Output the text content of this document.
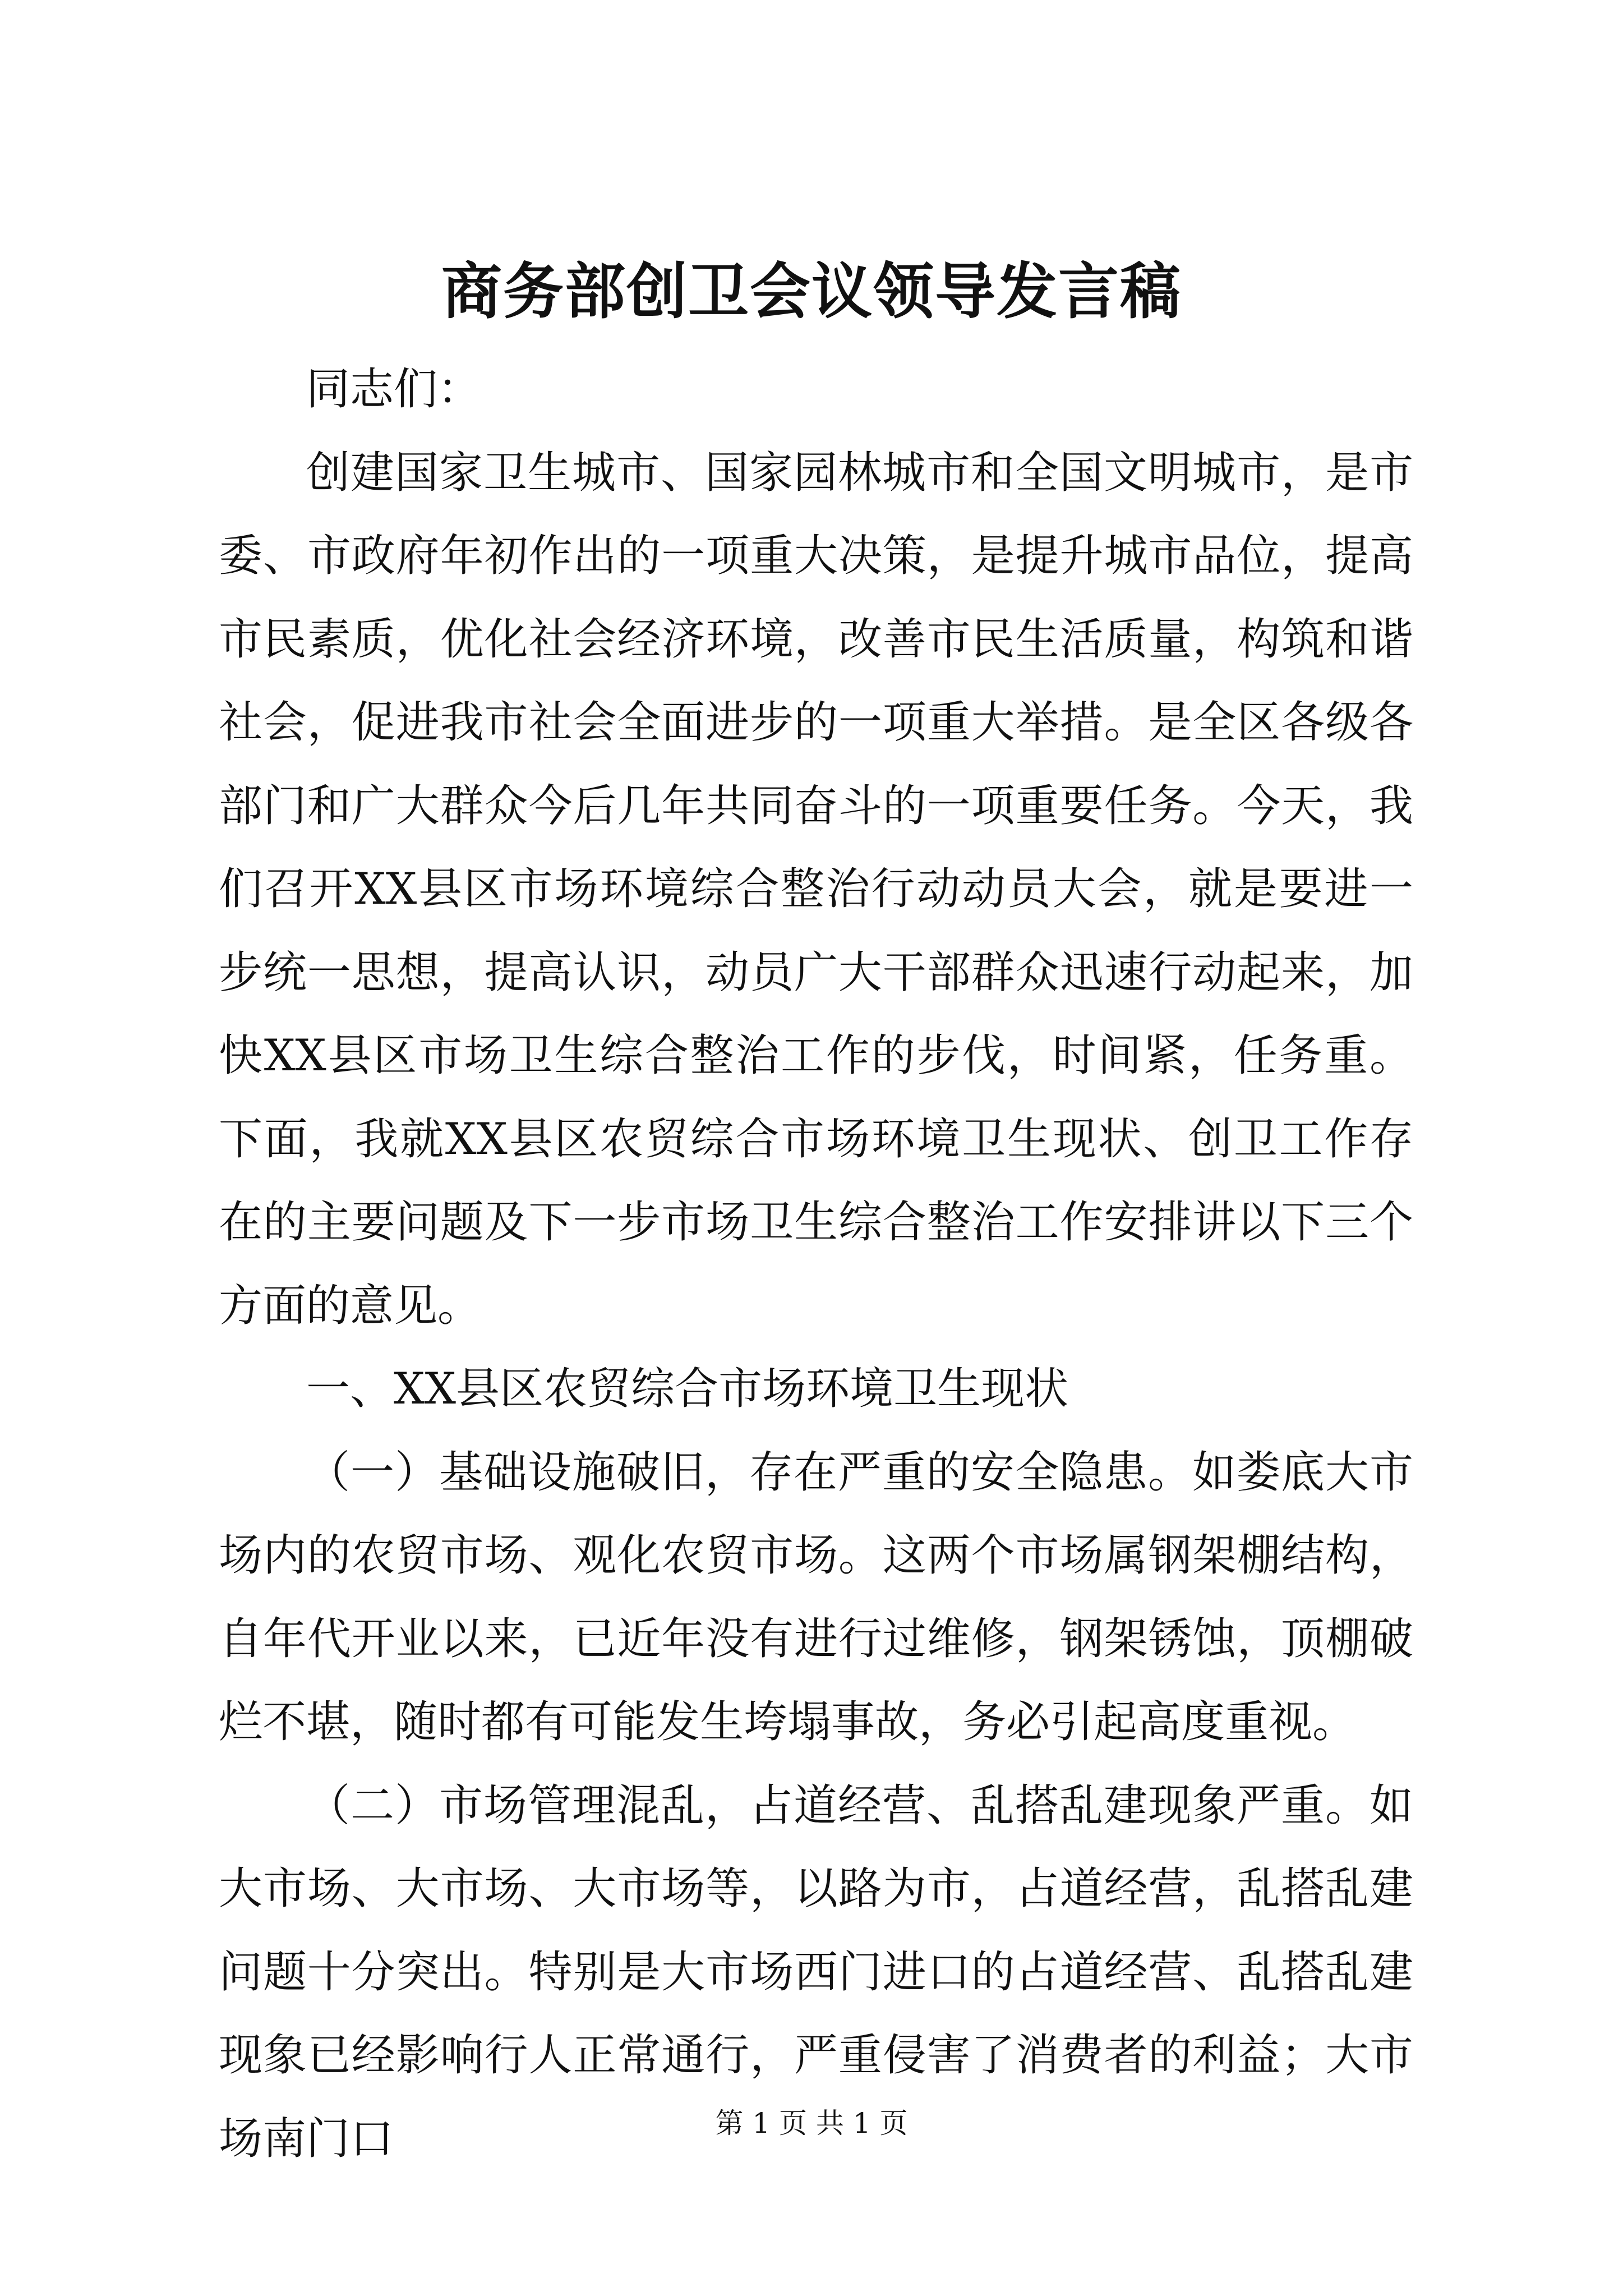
商务部创卫会议领导发言稿

同志们：

创建国家卫生城市、国家园林城市和全国文明城市，是市委、市政府年初作出的一项重大决策，是提升城市品位，提高市民素质，优化社会经济环境，改善市民生活质量，构筑和谐社会，促进我市社会全面进步的一项重大举措。是全区各级各部门和广大群众今后几年共同奋斗的一项重要任务。今天，我们召开XX县区市场环境综合整治行动动员大会，就是要进一步统一思想，提高认识，动员广大干部群众迅速行动起来，加快XX县区市场卫生综合整治工作的步伐，时间紧，任务重。下面，我就XX县区农贸综合市场环境卫生现状、创卫工作存在的主要问题及下一步市场卫生综合整治工作安排讲以下三个方面的意见。

一、XX县区农贸综合市场环境卫生现状

（一）基础设施破旧，存在严重的安全隐患。如娄底大市场内的农贸市场、观化农贸市场。这两个市场属钢架棚结构，自年代开业以来，已近年没有进行过维修，钢架锈蚀，顶棚破烂不堪，随时都有可能发生垮塌事故，务必引起高度重视。

（二）市场管理混乱，占道经营、乱搭乱建现象严重。如大市场、大市场、大市场等，以路为市，占道经营，乱搭乱建问题十分突出。特别是大市场西门进口的占道经营、乱搭乱建现象已经影响行人正常通行，严重侵害了消费者的利益；大市场南门口	第 1 页 共 1 页
